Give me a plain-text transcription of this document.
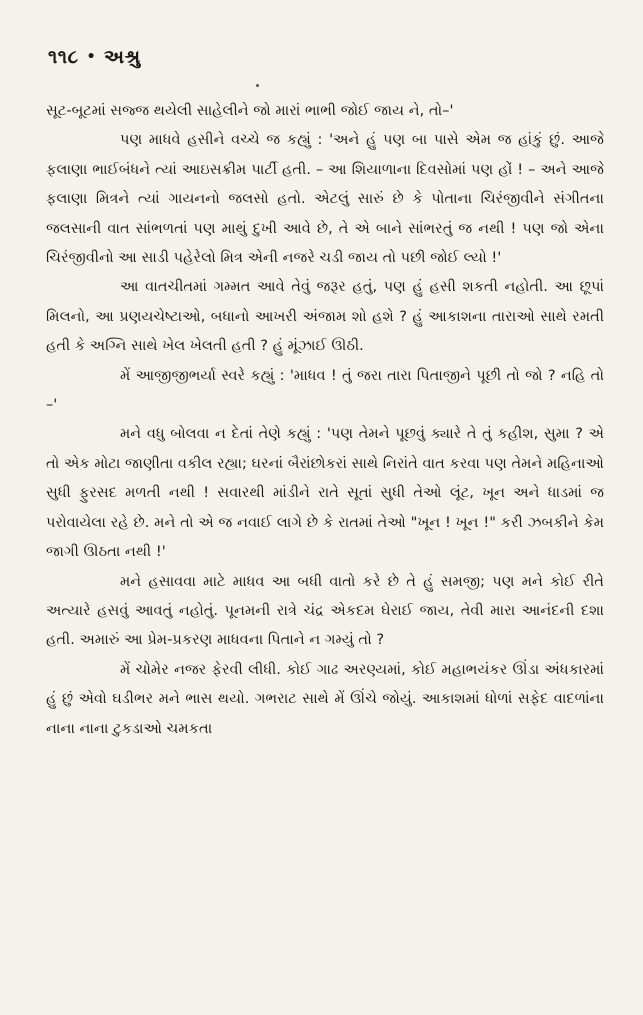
૧૧૮ • અશ્રુ

સૂટ-બૂટમાં સજ્જ થયેલી સાહેલીને જો મારાં ભાભી જોઈ જાય ને, તો–'

પણ માધવે હસીને વચ્ચે જ કહ્યું : 'અને હું પણ બા પાસે એમ જ હાંકું છું. આજે ફલાણા ભાઈબંધને ત્યાં આઇસક્રીમ પાર્ટી હતી. – આ શિયાળાના દિવસોમાં પણ હોં ! – અને આજે ફલાણા મિત્રને ત્યાં ગાયનનો જલસો હતો. એટલું સારું છે કે પોતાના ચિરંજીવીને સંગીતના જલસાની વાત સાંભળતાં પણ માથું દુખી આવે છે, તે એ બાને સાંભરતું જ નથી ! પણ જો એના ચિરંજીવીનો આ સાડી પહેરેલો મિત્ર એની નજરે ચડી જાય તો પછી જોઈ લ્યો !'

આ વાતચીતમાં ગમ્મત આવે તેવું જરૂર હતું, પણ હું હસી શકતી નહોતી. આ છૂપાં મિલનો, આ પ્રણયચેષ્ટાઓ, બધાનો આખરી અંજામ શો હશે ? હું આકાશના તારાઓ સાથે રમતી હતી કે અગ્નિ સાથે ખેલ ખેલતી હતી ? હું મૂંઝાઈ ઊઠી.

મેં આજીજીભર્યા સ્વરે કહ્યું : 'માધવ ! તું જરા તારા પિતાજીને પૂછી તો જો ? નહિ તો –'

મને વધુ બોલવા ન દેતાં તેણે કહ્યું : 'પણ તેમને પૂછવું ક્યારે તે તું કહીશ, સુમા ? એ તો એક મોટા જાણીતા વકીલ રહ્યા; ઘરનાં બૈરાંછોકરાં સાથે નિરાંતે વાત કરવા પણ તેમને મહિનાઓ સુધી ફુરસદ મળતી નથી ! સવારથી માંડીને રાતે સૂતાં સુધી તેઓ લૂંટ, ખૂન અને ધાડમાં જ પરોવાયેલા રહે છે. મને તો એ જ નવાઈ લાગે છે કે રાતમાં તેઓ "ખૂન ! ખૂન !" કરી ઝબકીને કેમ જાગી ઊઠતા નથી !'

મને હસાવવા માટે માધવ આ બધી વાતો કરે છે તે હું સમજી; પણ મને કોઈ રીતે અત્યારે હસવું આવતું નહોતું. પૂનમની રાત્રે ચંદ્ર એકદમ ઘેરાઈ જાય, તેવી મારા આનંદની દશા હતી. અમારું આ પ્રેમ-પ્રકરણ માધવના પિતાને ન ગમ્યું તો ?

મેં ચોમેર નજર ફેરવી લીધી. કોઈ ગાઢ અરણ્યમાં, કોઈ મહાભયંકર ઊંડા અંધકારમાં હું છું એવો ઘડીભર મને ભાસ થયો. ગભરાટ સાથે મેં ઊંચે જોયું. આકાશમાં ધોળાં સફેદ વાદળાંના નાના નાના ટુકડાઓ ચમકતા
